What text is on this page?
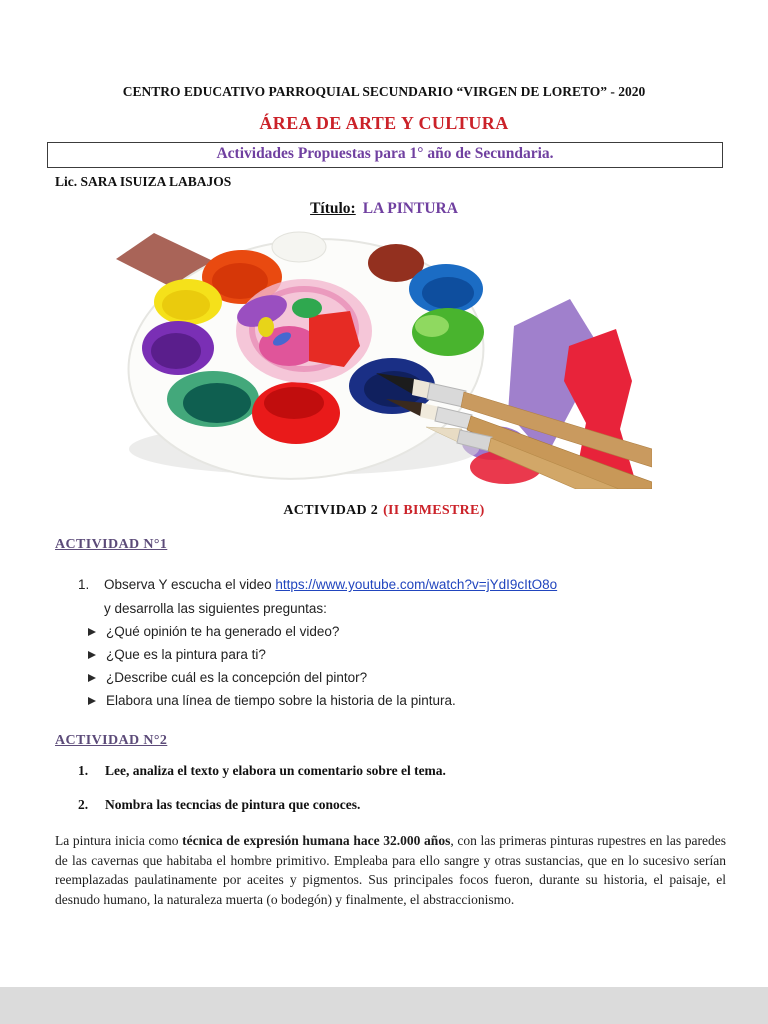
CENTRO EDUCATIVO PARROQUIAL SECUNDARIO “VIRGEN DE LORETO” - 2020
ÁREA DE ARTE Y CULTURA
Actividades Propuestas para 1° año de Secundaria.
Lic. SARA ISUIZA LABAJOS
Título: LA PINTURA
ACTIVIDAD 2 (II BIMESTRE)
ACTIVIDAD N°1
1. Observa Y escucha el video https://www.youtube.com/watch?v=jYdI9cItO8o
y desarrolla las siguientes preguntas:
¿Qué opinión te ha generado el video?
¿Que es la pintura para ti?
¿Describe cuál es la concepción del pintor?
Elabora una línea de tiempo sobre la historia de la pintura.
ACTIVIDAD N°2
1. Lee, analiza el texto y elabora un comentario sobre el tema.
2. Nombra las tecncias de pintura que conoces.
La pintura inicia como técnica de expresión humana hace 32.000 años, con las primeras pinturas rupestres en las paredes de las cavernas que habitaba el hombre primitivo. Empleaba para ello sangre y otras sustancias, que en lo sucesivo serían reemplazadas paulatinamente por aceites y pigmentos. Sus principales focos fueron, durante su historia, el paisaje, el desnudo humano, la naturaleza muerta (o bodegón) y finalmente, el abstraccionismo.
